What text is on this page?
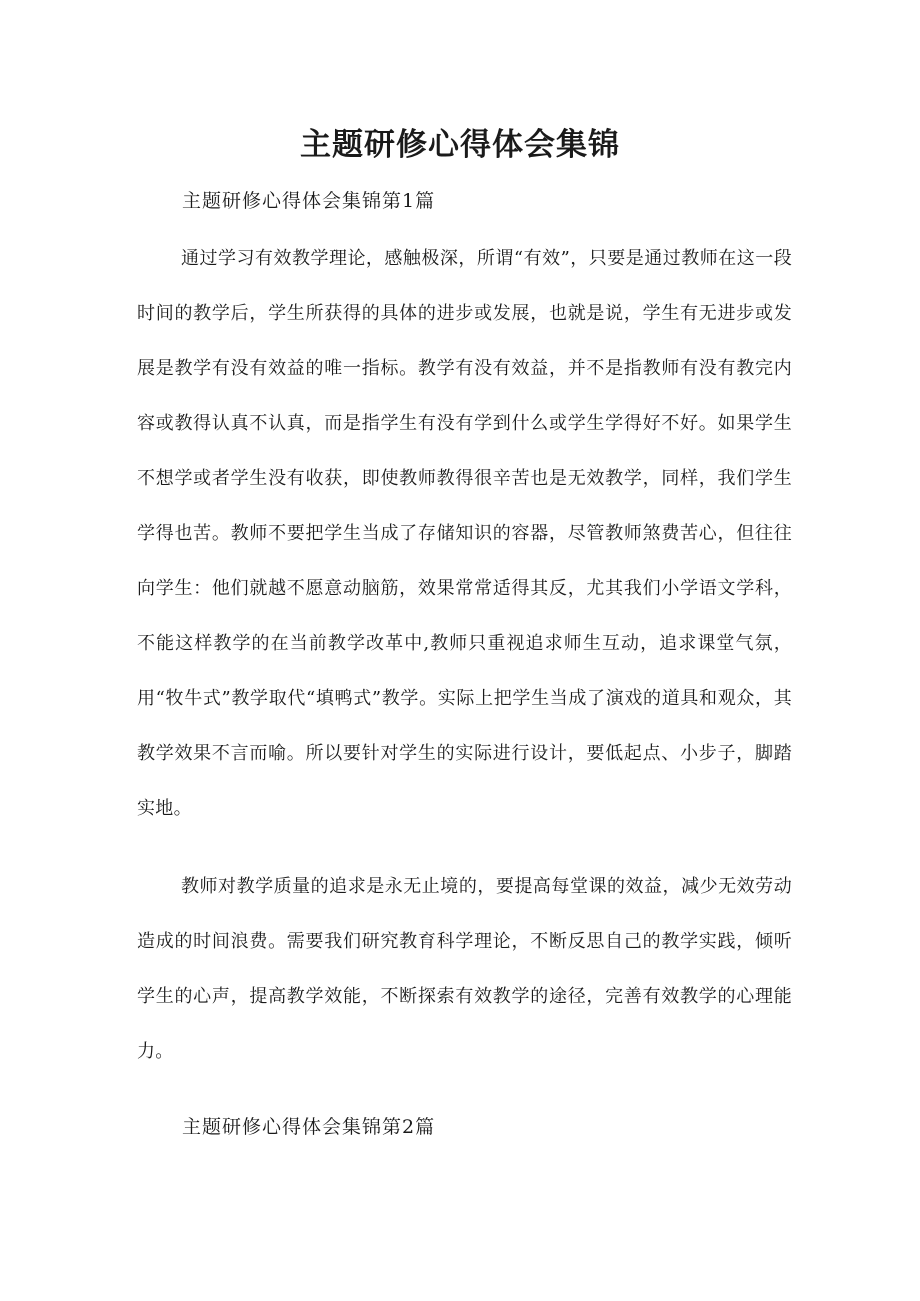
主题研修心得体会集锦
主题研修心得体会集锦第1篇

通过学习有效教学理论，感触极深，所谓“有效”，只要是通过教师在这一段时间的教学后，学生所获得的具体的进步或发展，也就是说，学生有无进步或发展是教学有没有效益的唯一指标。教学有没有效益，并不是指教师有没有教完内容或教得认真不认真，而是指学生有没有学到什么或学生学得好不好。如果学生不想学或者学生没有收获，即使教师教得很辛苦也是无效教学，同样，我们学生学得也苦。教师不要把学生当成了存储知识的容器，尽管教师煞费苦心，但往往向学生：他们就越不愿意动脑筋，效果常常适得其反，尤其我们小学语文学科，不能这样教学的在当前教学改革中,教师只重视追求师生互动，追求课堂气氛，用“牧牛式”教学取代“填鸭式”教学。实际上把学生当成了演戏的道具和观众，其教学效果不言而喻。所以要针对学生的实际进行设计，要低起点、小步子，脚踏实地。

教师对教学质量的追求是永无止境的，要提高每堂课的效益，减少无效劳动造成的时间浪费。需要我们研究教育科学理论，不断反思自己的教学实践，倾听学生的心声，提高教学效能，不断探索有效教学的途径，完善有效教学的心理能力。

主题研修心得体会集锦第2篇
